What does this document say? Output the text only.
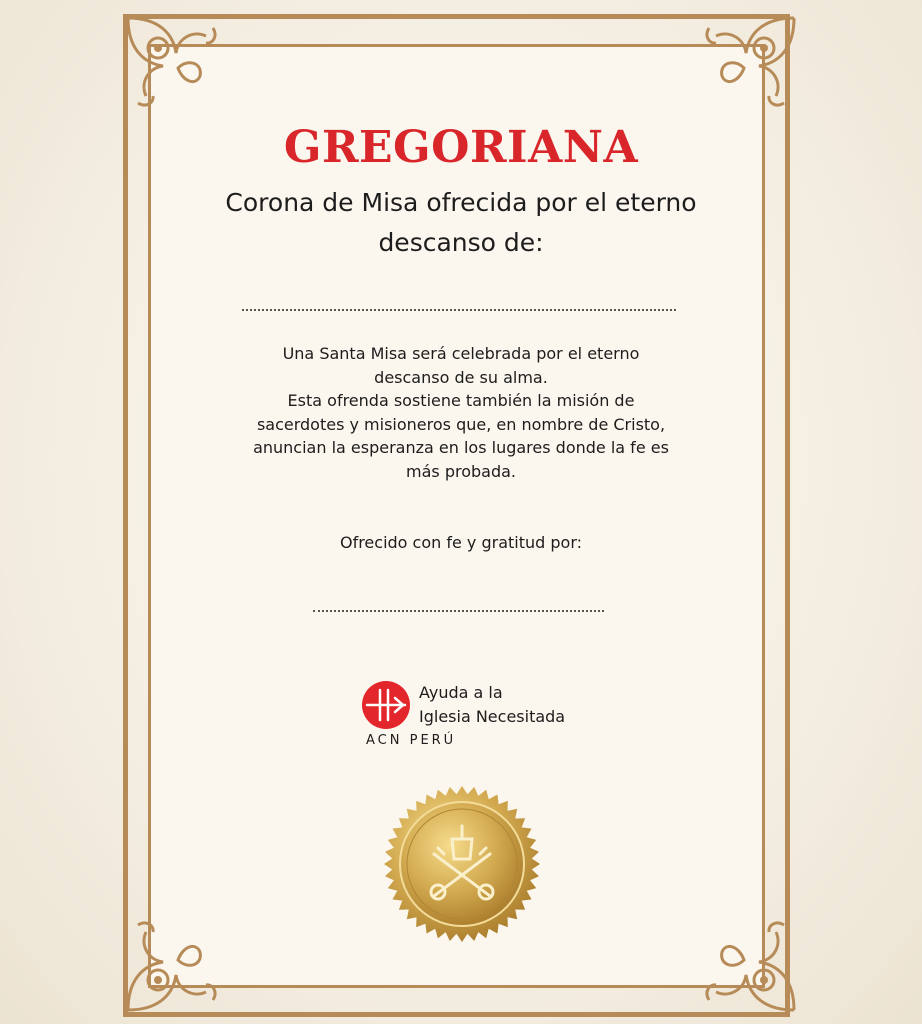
GREGORIANA
Corona de Misa ofrecida por el eterno
descanso de:
Una Santa Misa será celebrada por el eterno
descanso de su alma.
Esta ofrenda sostiene también la misión de
sacerdotes y misioneros que, en nombre de Cristo,
anuncian la esperanza en los lugares donde la fe es
más probada.
Ofrecido con fe y gratitud por:
Ayuda a la
Iglesia Necesitada
ACN PERÚ
